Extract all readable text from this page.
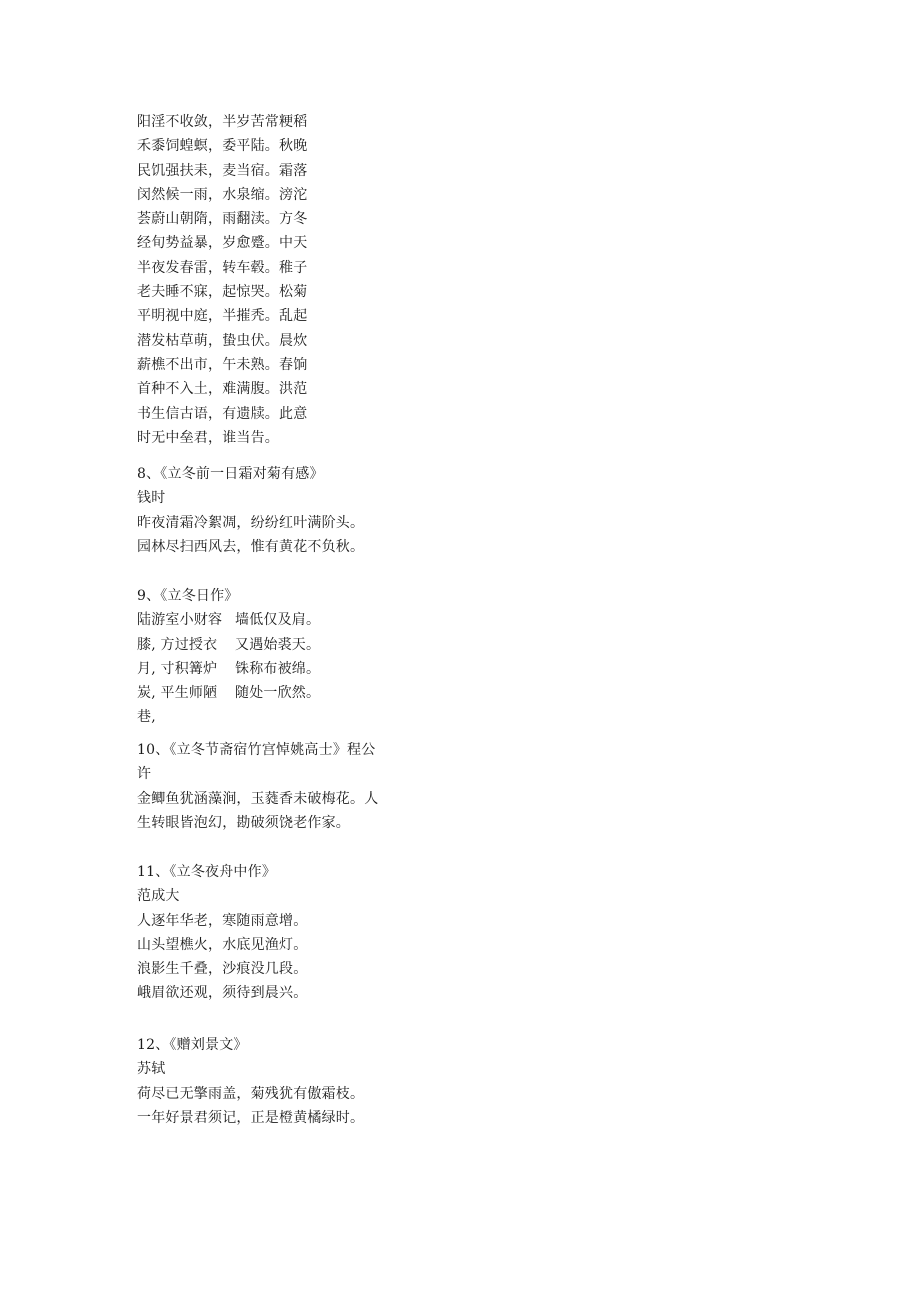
阳淫不收敛，半岁苦常粳稻
禾黍饲蝗螟，委平陆。秋晚
民饥强扶耒，麦当宿。霜落
闵然候一雨，水泉缩。滂沱
荟蔚山朝隋，雨翻渎。方冬
经旬势益暴，岁愈蹙。中天
半夜发春雷，转车毂。稚子
老夫睡不寐，起惊哭。松菊
平明视中庭，半摧秃。乱起
潜发枯草萌，蛰虫伏。晨炊
薪樵不出市，午未熟。春饷
首种不入土，难满腹。洪范
书生信古语，有遗牍。此意
时无中垒君，谁当告。
8、《立冬前一日霜对菊有感》
钱时
昨夜清霜冷絮凋，纷纷红叶满阶头。
园林尽扫西风去，惟有黄花不负秋。
9、《立冬日作》
陆游室小财容 墙低仅及肩。
膝, 方过授衣	又遇始裘天。
月, 寸积篝炉	铢称布被绵。
炭, 平生师陋	随处一欣然。
巷,
10、《立冬节斋宿竹宫悼姚高士》程公
许
金鲫鱼犹涵藻涧，玉蕤香未破梅花。人
生转眼皆泡幻，勘破须饶老作家。
11、《立冬夜舟中作》
范成大
人逐年华老，寒随雨意增。
山头望樵火，水底见渔灯。
浪影生千叠，沙痕没几段。
峨眉欲还观，须待到晨兴。
12、《赠刘景文》
苏轼
荷尽已无擎雨盖，菊残犹有傲霜枝。
一年好景君须记，正是橙黄橘绿时。
